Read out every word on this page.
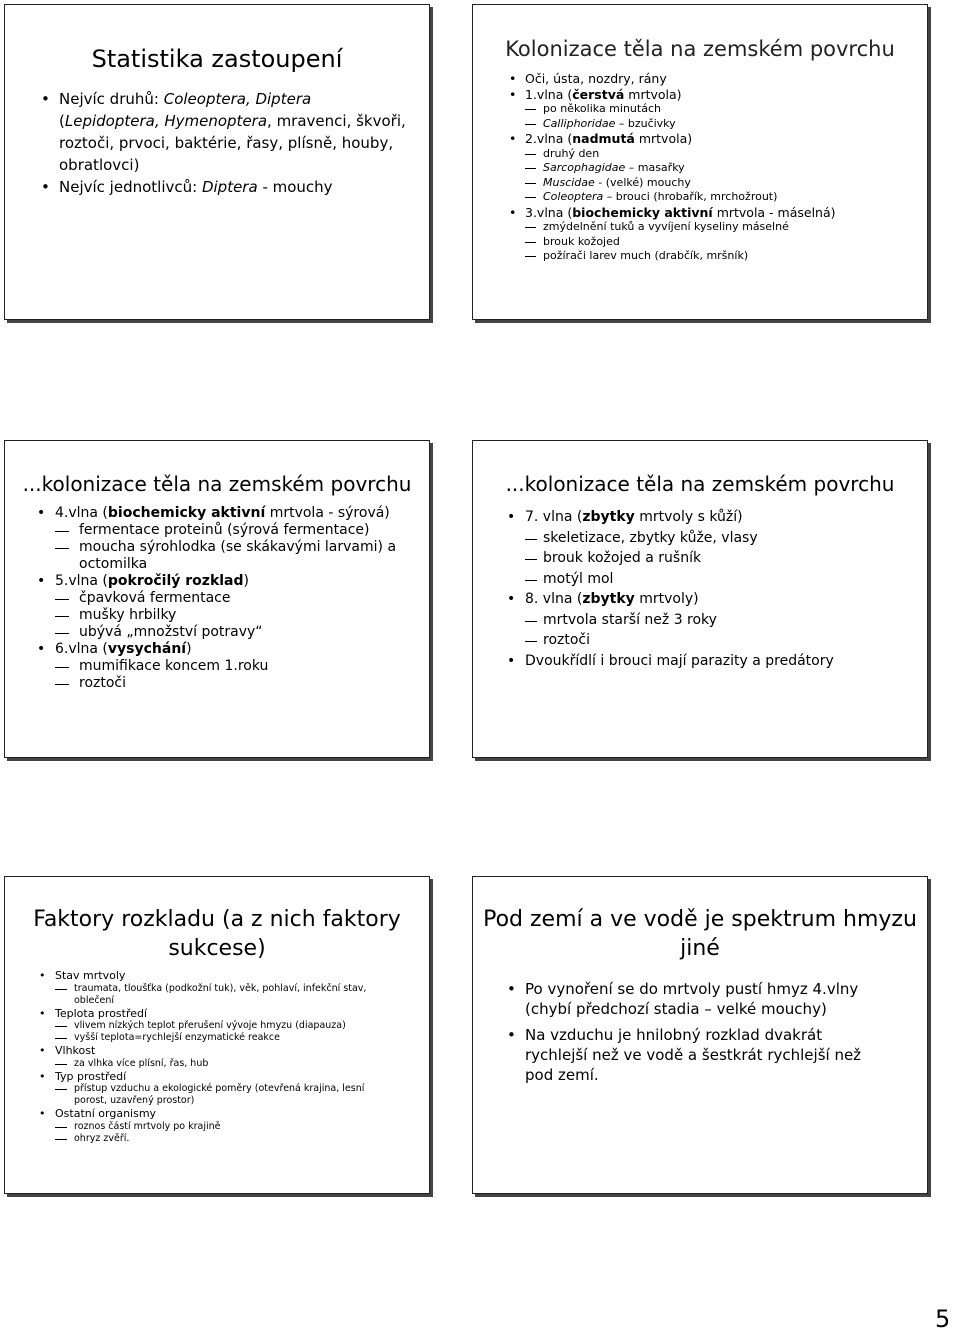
Statistika zastoupení
• Nejvíc druhů: Coleoptera, Diptera (Lepidoptera, Hymenoptera, mravenci, škvoři, roztoči, prvoci, baktérie, řasy, plísně, houby, obratlovci)
• Nejvíc jednotlivců: Diptera - mouchy
Kolonizace těla na zemském povrchu
• Oči, ústa, nozdry, rány
• 1.vlna (čerstvá mrtvola)
po několika minutách
Calliphoridae – bzučivky
• 2.vlna (nadmutá mrtvola)
druhý den
Sarcophagidae – masařky
Muscidae - (velké) mouchy
Coleoptera – brouci (hrobařík, mrchožrout)
• 3.vlna (biochemicky aktivní mrtvola - máselná)
zmýdelnění tuků a vyvíjení kyseliny máselné
brouk kožojed
požírači larev much (drabčík, mršník)
...kolonizace těla na zemském povrchu
• 4.vlna (biochemicky aktivní mrtvola - sýrová)
fermentace proteinů (sýrová fermentace)
moucha sýrohlodka (se skákavými larvami) a octomilka
• 5.vlna (pokročilý rozklad)
čpavková fermentace
mušky hrbilky
ubývá „množství potravy“
• 6.vlna (vysychání)
mumifikace koncem 1.roku
roztoči
...kolonizace těla na zemském povrchu
• 7. vlna (zbytky mrtvoly s kůží)
skeletizace, zbytky kůže, vlasy
brouk kožojed a rušník
motýl mol
• 8. vlna (zbytky mrtvoly)
mrtvola starší než 3 roky
roztoči
• Dvoukřídlí i brouci mají parazity a predátory
Faktory rozkladu (a z nich faktory sukcese)
• Stav mrtvoly
traumata, tloušťka (podkožní tuk), věk, pohlaví, infekční stav, oblečení
• Teplota prostředí
vlivem nízkých teplot přerušení vývoje hmyzu (diapauza)
vyšší teplota=rychlejší enzymatické reakce
• Vlhkost
za vlhka více plísní, řas, hub
• Typ prostředí
přístup vzduchu a ekologické poměry (otevřená krajina, lesní porost, uzavřený prostor)
• Ostatní organismy
roznos částí mrtvoly po krajině
ohryz zvěří.
Pod zemí a ve vodě je spektrum hmyzu jiné
• Po vynoření se do mrtvoly pustí hmyz 4.vlny (chybí předchozí stadia – velké mouchy)
• Na vzduchu je hnilobný rozklad dvakrát rychlejší než ve vodě a šestkrát rychlejší než pod zemí.
5
